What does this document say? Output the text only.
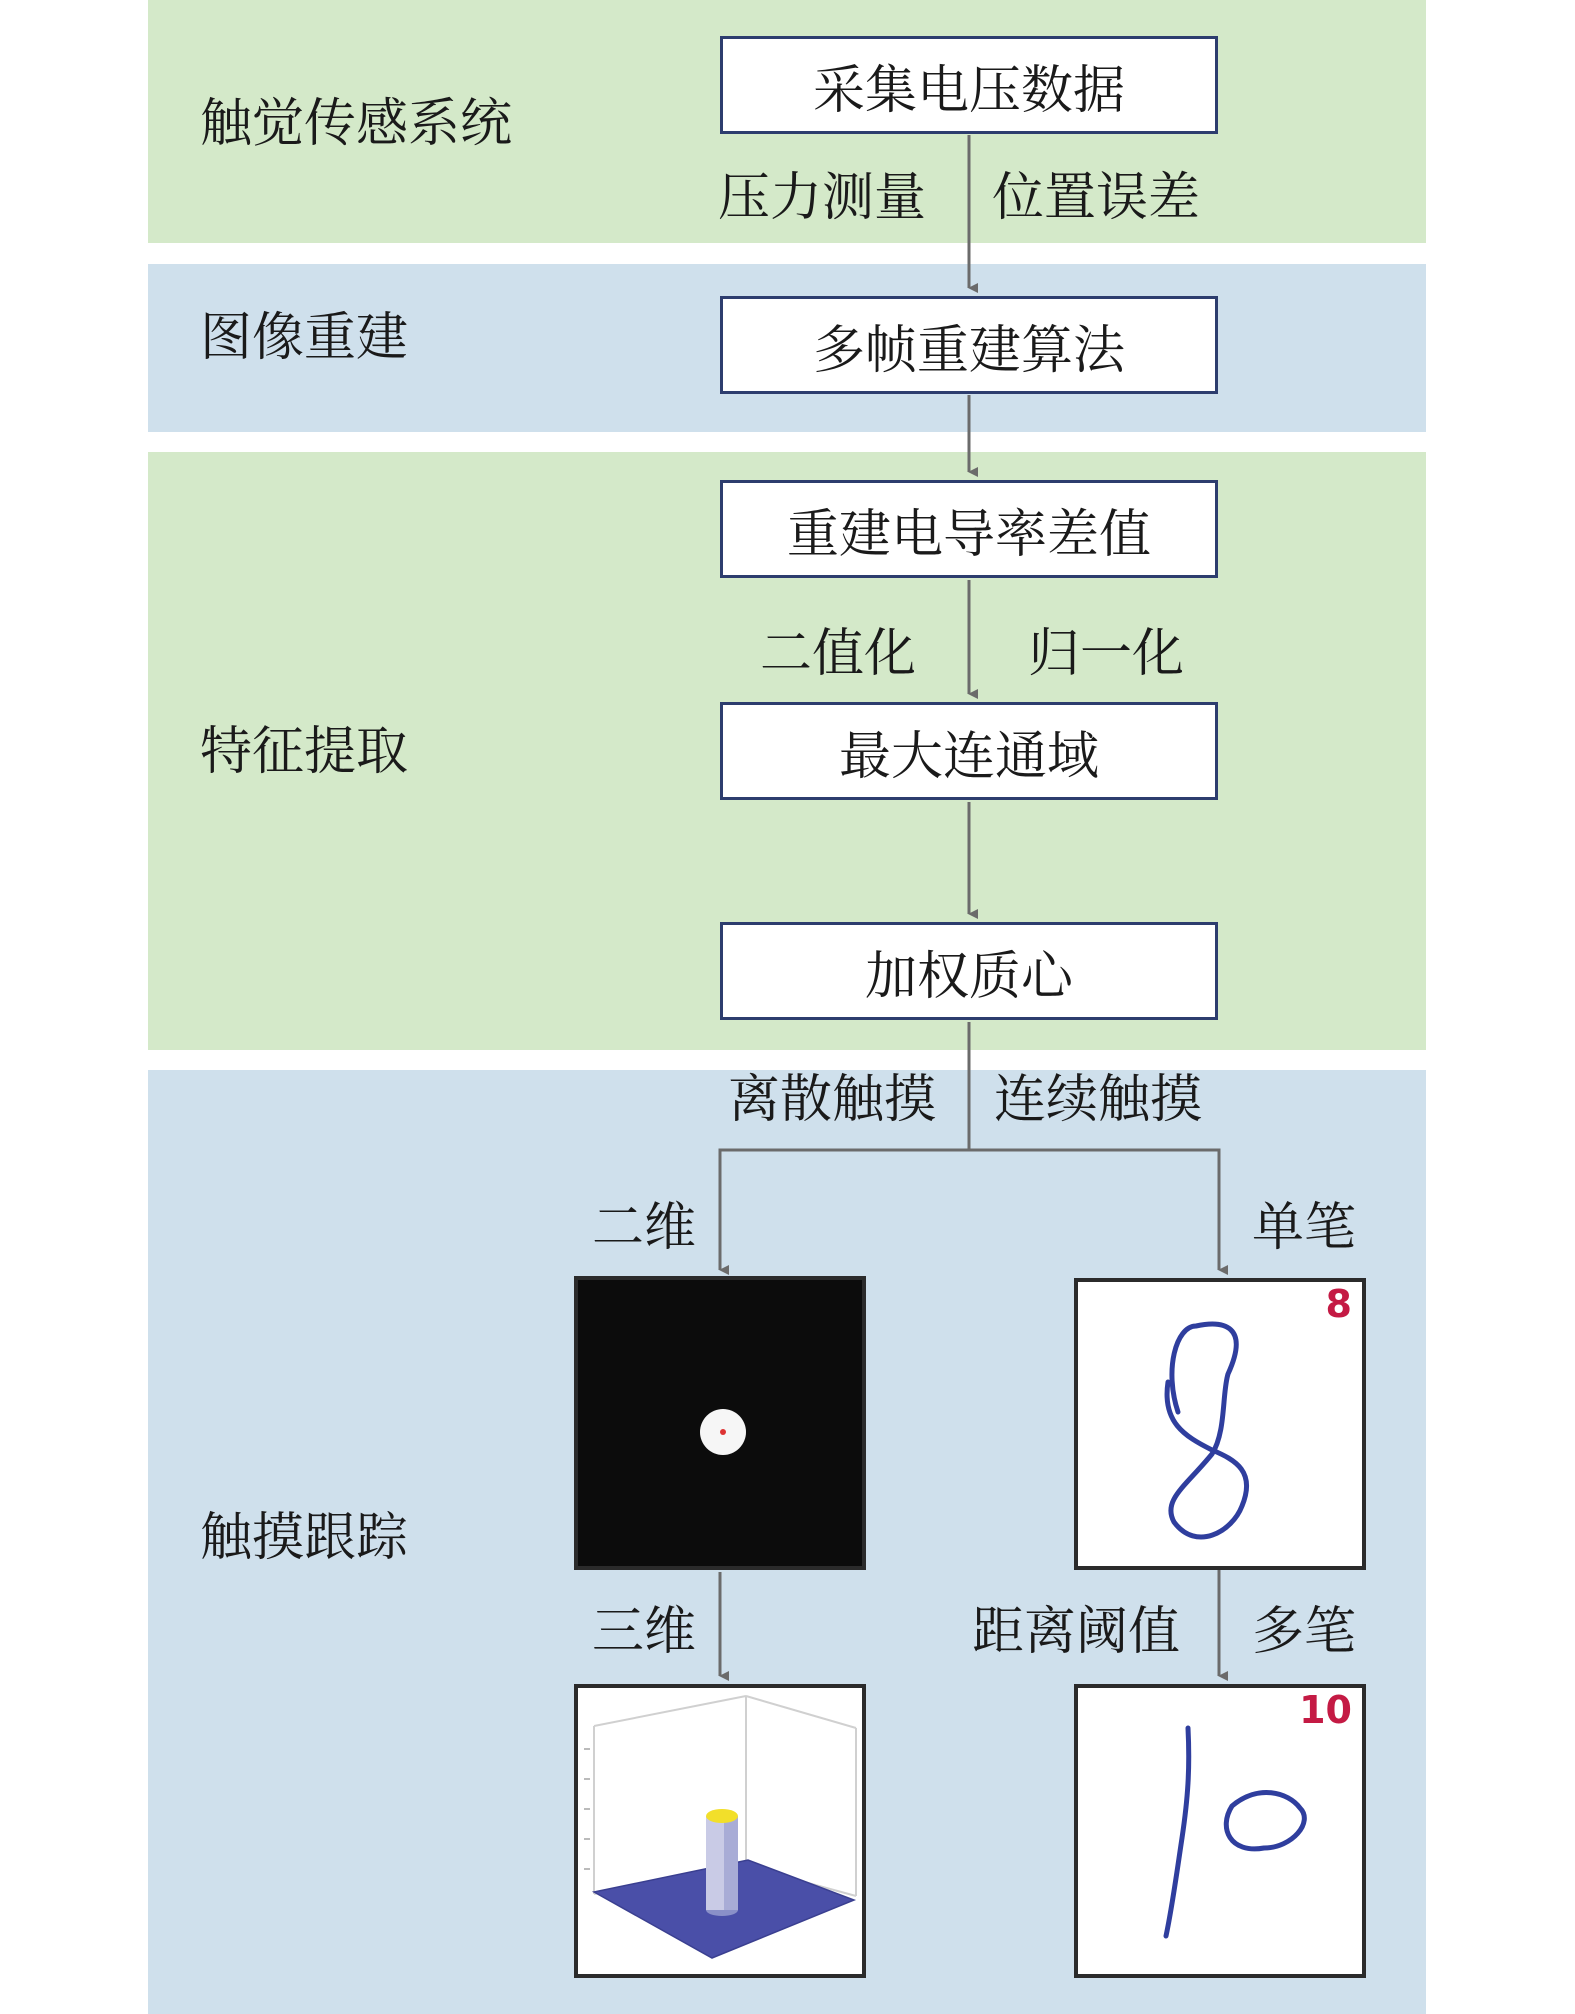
触觉传感系统
图像重建
特征提取
触摸跟踪
采集电压数据
多帧重建算法
重建电导率差值
最大连通域
加权质心
压力测量 位置误差
二值化 归一化
离散触摸 连续触摸
二维	单笔
三维	距离阈值 多笔
8
10
